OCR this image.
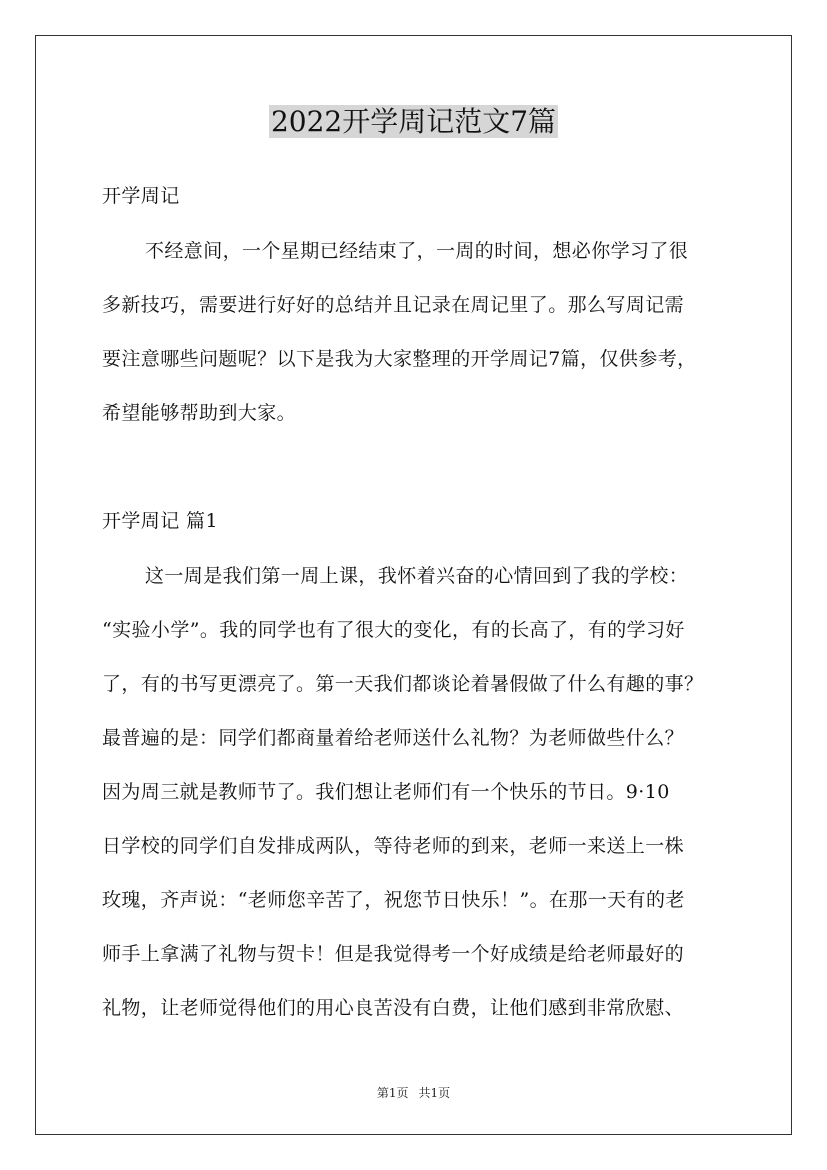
2022开学周记范文7篇
开学周记
不经意间，一个星期已经结束了，一周的时间，想必你学习了很
多新技巧，需要进行好好的总结并且记录在周记里了。那么写周记需
要注意哪些问题呢？以下是我为大家整理的开学周记7篇，仅供参考，
希望能够帮助到大家。
开学周记 篇1
这一周是我们第一周上课，我怀着兴奋的心情回到了我的学校：
“实验小学”。我的同学也有了很大的变化，有的长高了，有的学习好
了，有的书写更漂亮了。第一天我们都谈论着暑假做了什么有趣的事？
最普遍的是：同学们都商量着给老师送什么礼物？为老师做些什么？
因为周三就是教师节了。我们想让老师们有一个快乐的节日。9·10
日学校的同学们自发排成两队，等待老师的到来，老师一来送上一株
玫瑰，齐声说：“老师您辛苦了，祝您节日快乐！”。在那一天有的老
师手上拿满了礼物与贺卡！但是我觉得考一个好成绩是给老师最好的
礼物，让老师觉得他们的用心良苦没有白费，让他们感到非常欣慰、
第1页 共1页
